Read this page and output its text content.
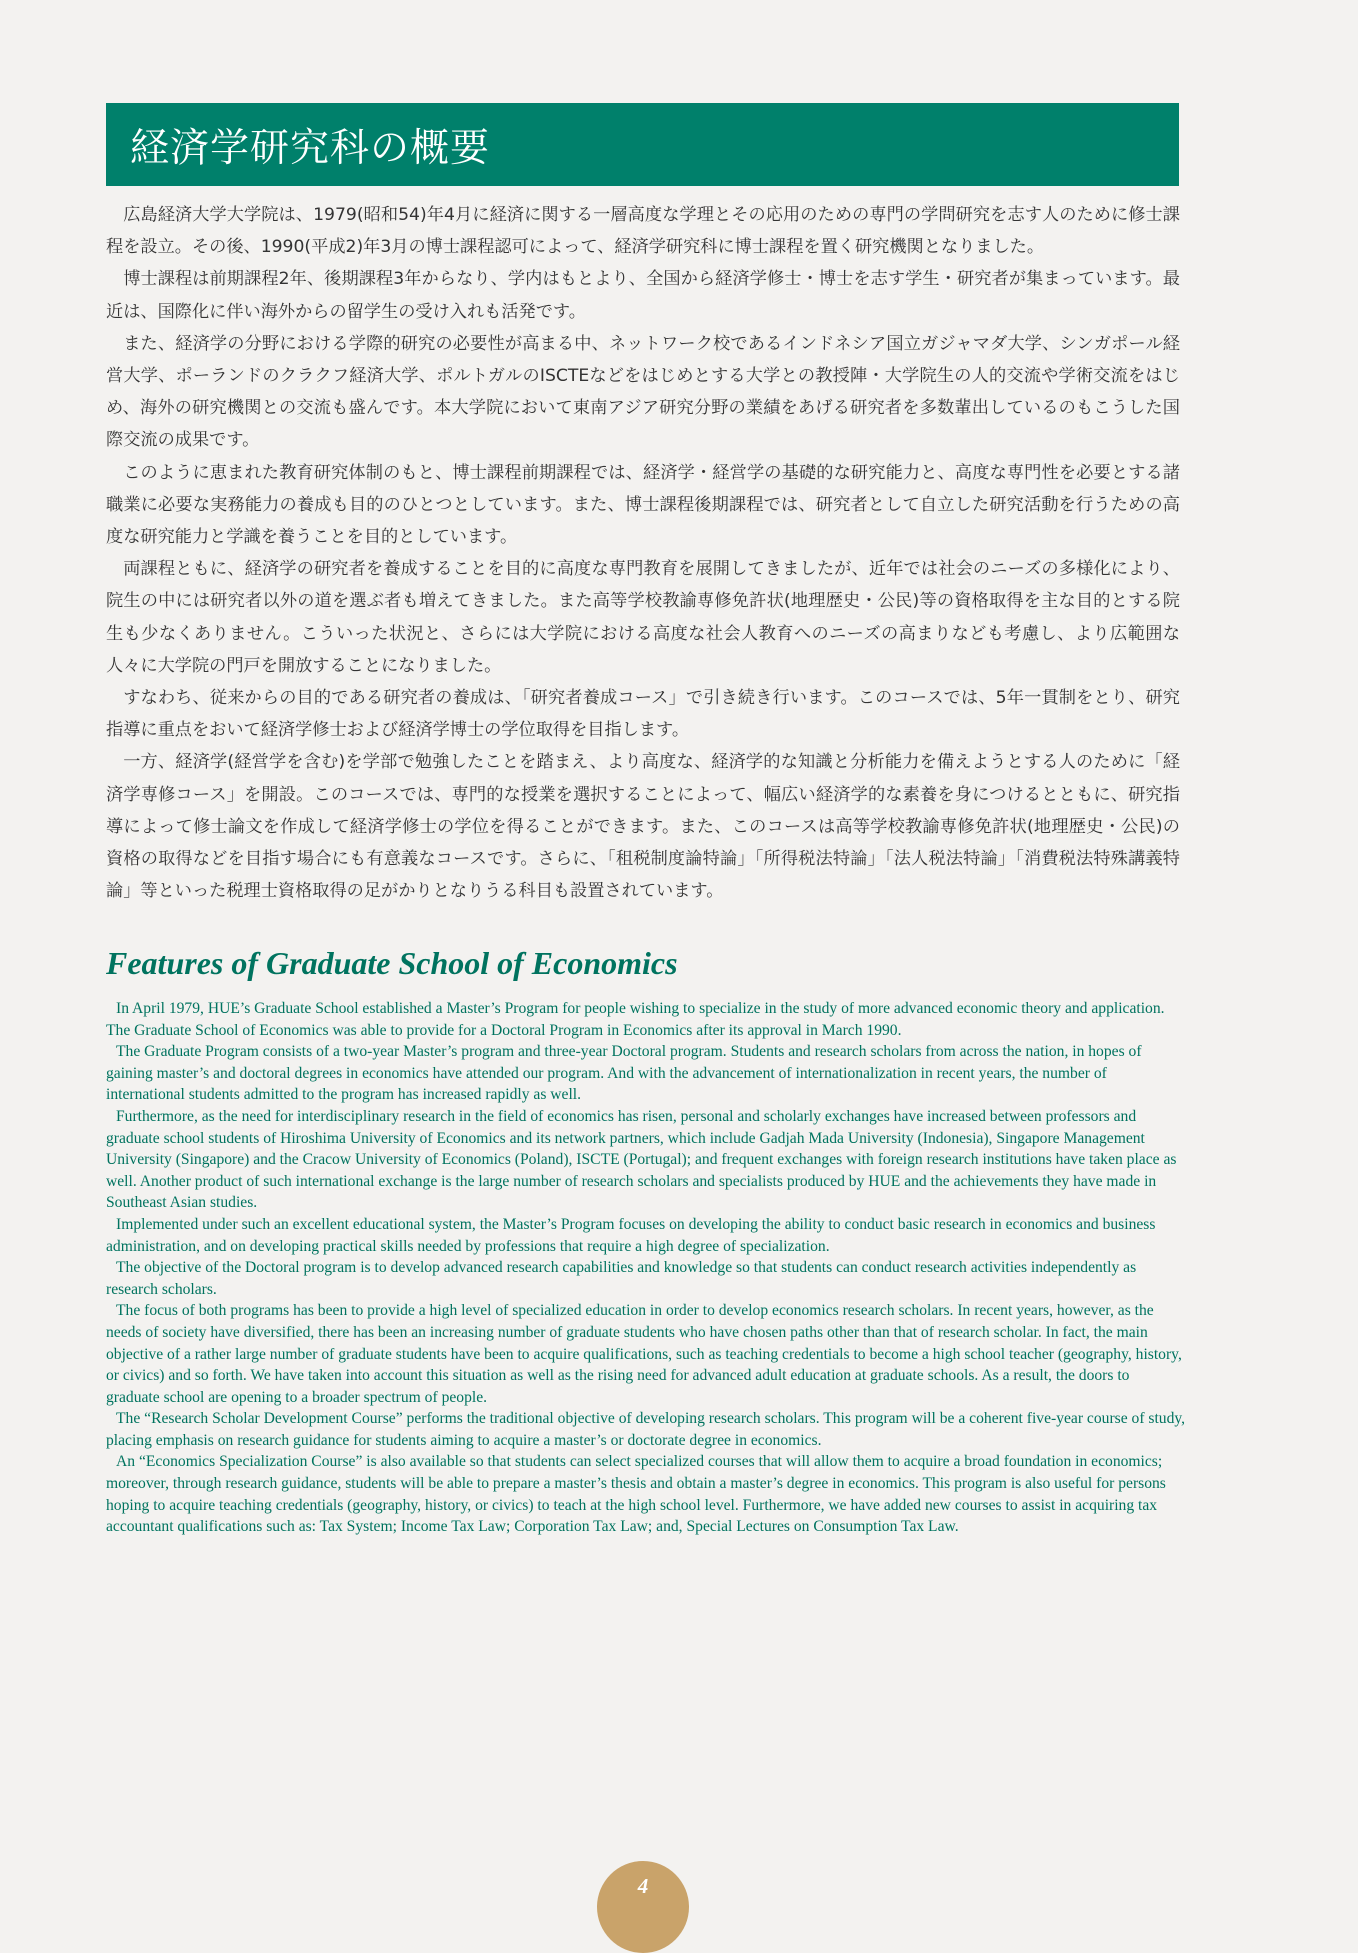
経済学研究科の概要

広島経済大学大学院は、1979(昭和54)年4月に経済に関する一層高度な学理とその応用のための専門の学問研究を志す人のために修士課程を設立。その後、1990(平成2)年3月の博士課程認可によって、経済学研究科に博士課程を置く研究機関となりました。

博士課程は前期課程2年、後期課程3年からなり、学内はもとより、全国から経済学修士・博士を志す学生・研究者が集まっています。最近は、国際化に伴い海外からの留学生の受け入れも活発です。

また、経済学の分野における学際的研究の必要性が高まる中、ネットワーク校であるインドネシア国立ガジャマダ大学、シンガポール経営大学、ポーランドのクラクフ経済大学、ポルトガルのISCTEなどをはじめとする大学との教授陣・大学院生の人的交流や学術交流をはじめ、海外の研究機関との交流も盛んです。本大学院において東南アジア研究分野の業績をあげる研究者を多数輩出しているのもこうした国際交流の成果です。

このように恵まれた教育研究体制のもと、博士課程前期課程では、経済学・経営学の基礎的な研究能力と、高度な専門性を必要とする諸職業に必要な実務能力の養成も目的のひとつとしています。また、博士課程後期課程では、研究者として自立した研究活動を行うための高度な研究能力と学識を養うことを目的としています。

両課程ともに、経済学の研究者を養成することを目的に高度な専門教育を展開してきましたが、近年では社会のニーズの多様化により、院生の中には研究者以外の道を選ぶ者も増えてきました。また高等学校教諭専修免許状(地理歴史・公民)等の資格取得を主な目的とする院生も少なくありません。こういった状況と、さらには大学院における高度な社会人教育へのニーズの高まりなども考慮し、より広範囲な人々に大学院の門戸を開放することになりました。

すなわち、従来からの目的である研究者の養成は、「研究者養成コース」で引き続き行います。このコースでは、5年一貫制をとり、研究指導に重点をおいて経済学修士および経済学博士の学位取得を目指します。

一方、経済学(経営学を含む)を学部で勉強したことを踏まえ、より高度な、経済学的な知識と分析能力を備えようとする人のために「経済学専修コース」を開設。このコースでは、専門的な授業を選択することによって、幅広い経済学的な素養を身につけるとともに、研究指導によって修士論文を作成して経済学修士の学位を得ることができます。また、このコースは高等学校教諭専修免許状(地理歴史・公民)の資格の取得などを目指す場合にも有意義なコースです。さらに、「租税制度論特論」「所得税法特論」「法人税法特論」「消費税法特殊講義特論」等といった税理士資格取得の足がかりとなりうる科目も設置されています。

Features of Graduate School of Economics

In April 1979, HUE’s Graduate School established a Master’s Program for people wishing to specialize in the study of more advanced economic theory and application. The Graduate School of Economics was able to provide for a Doctoral Program in Economics after its approval in March 1990.

The Graduate Program consists of a two-year Master’s program and three-year Doctoral program. Students and research scholars from across the nation, in hopes of gaining master’s and doctoral degrees in economics have attended our program. And with the advancement of internationalization in recent years, the number of international students admitted to the program has increased rapidly as well.

Furthermore, as the need for interdisciplinary research in the field of economics has risen, personal and scholarly exchanges have increased between professors and graduate school students of Hiroshima University of Economics and its network partners, which include Gadjah Mada University (Indonesia), Singapore Management University (Singapore) and the Cracow University of Economics (Poland), ISCTE (Portugal); and frequent exchanges with foreign research institutions have taken place as well. Another product of such international exchange is the large number of research scholars and specialists produced by HUE and the achievements they have made in Southeast Asian studies.

Implemented under such an excellent educational system, the Master’s Program focuses on developing the ability to conduct basic research in economics and business administration, and on developing practical skills needed by professions that require a high degree of specialization.

The objective of the Doctoral program is to develop advanced research capabilities and knowledge so that students can conduct research activities independently as research scholars.

The focus of both programs has been to provide a high level of specialized education in order to develop economics research scholars. In recent years, however, as the needs of society have diversified, there has been an increasing number of graduate students who have chosen paths other than that of research scholar. In fact, the main objective of a rather large number of graduate students have been to acquire qualifications, such as teaching credentials to become a high school teacher (geography, history, or civics) and so forth. We have taken into account this situation as well as the rising need for advanced adult education at graduate schools. As a result, the doors to graduate school are opening to a broader spectrum of people.

The “Research Scholar Development Course” performs the traditional objective of developing research scholars. This program will be a coherent five-year course of study, placing emphasis on research guidance for students aiming to acquire a master’s or doctorate degree in economics.

An “Economics Specialization Course” is also available so that students can select specialized courses that will allow them to acquire a broad foundation in economics; moreover, through research guidance, students will be able to prepare a master’s thesis and obtain a master’s degree in economics. This program is also useful for persons hoping to acquire teaching credentials (geography, history, or civics) to teach at the high school level. Furthermore, we have added new courses to assist in acquiring tax accountant qualifications such as: Tax System; Income Tax Law; Corporation Tax Law; and, Special Lectures on Consumption Tax Law.

4
